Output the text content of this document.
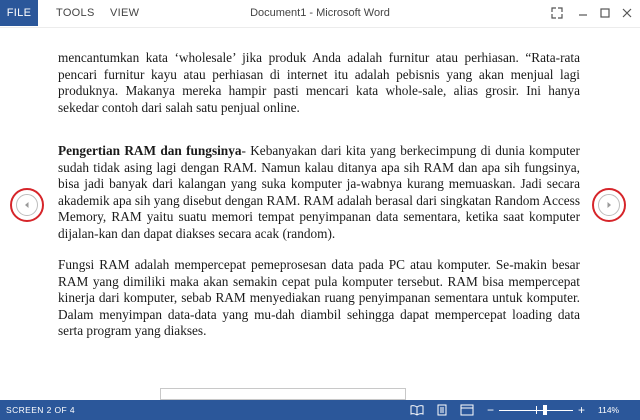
FILE	TOOLS VIEW	Document1 - Microsoft Word

mencantumkan kata ‘wholesale’ jika produk Anda adalah furnitur atau perhiasan. “Rata-rata pencari furnitur kayu atau perhiasan di internet itu adalah pebisnis yang akan menjual lagi produknya. Makanya mereka hampir pasti mencari kata whole-sale, alias grosir. Ini hanya sekedar contoh dari salah satu penjual online.

Pengertian RAM dan fungsinya- Kebanyakan dari kita yang berkecimpung di dunia komputer sudah tidak asing lagi dengan RAM. Namun kalau ditanya apa sih RAM dan apa sih fungsinya, bisa jadi banyak dari kalangan yang suka komputer ja-wabnya kurang memuaskan. Jadi secara akademik apa sih yang disebut dengan RAM. RAM adalah berasal dari singkatan Random Access Memory, RAM yaitu suatu memori tempat penyimpanan data sementara, ketika saat komputer dijalan-kan dan dapat diakses secara acak (random).

Fungsi RAM adalah mempercepat pemeprosesan data pada PC atau komputer. Se-makin besar RAM yang dimiliki maka akan semakin cepat pula komputer tersebut. RAM bisa mempercepat kinerja dari komputer, sebab RAM menyediakan ruang penyimpanan sementara untuk komputer. Dalam menyimpan data-data yang mu-dah diambil sehingga dapat mempercepat loading data serta program yang diakses.

SCREEN 2 OF 4	−	+ 114%
